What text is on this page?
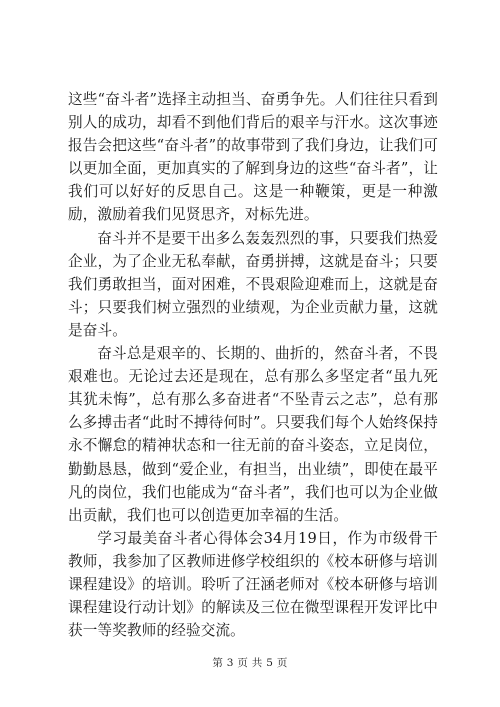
这些“奋斗者”选择主动担当、奋勇争先。人们往往只看到别人的成功，却看不到他们背后的艰辛与汗水。这次事迹报告会把这些“奋斗者”的故事带到了我们身边，让我们可以更加全面，更加真实的了解到身边的这些“奋斗者”，让我们可以好好的反思自己。这是一种鞭策，更是一种激励，激励着我们见贤思齐，对标先进。

奋斗并不是要干出多么轰轰烈烈的事，只要我们热爱企业，为了企业无私奉献，奋勇拼搏，这就是奋斗；只要我们勇敢担当，面对困难，不畏艰险迎难而上，这就是奋斗；只要我们树立强烈的业绩观，为企业贡献力量，这就是奋斗。

奋斗总是艰辛的、长期的、曲折的，然奋斗者，不畏艰难也。无论过去还是现在，总有那么多坚定者“虽九死其犹未悔”，总有那么多奋进者“不坠青云之志”，总有那么多搏击者“此时不搏待何时”。只要我们每个人始终保持永不懈怠的精神状态和一往无前的奋斗姿态，立足岗位，勤勤恳恳，做到“爱企业，有担当，出业绩”，即使在最平凡的岗位，我们也能成为“奋斗者”，我们也可以为企业做出贡献，我们也可以创造更加幸福的生活。

学习最美奋斗者心得体会34月19日，作为市级骨干教师，我参加了区教师进修学校组织的《校本研修与培训课程建设》的培训。聆听了汪涵老师对《校本研修与培训课程建设行动计划》的解读及三位在微型课程开发评比中获一等奖教师的经验交流。

第 3 页 共 5 页
